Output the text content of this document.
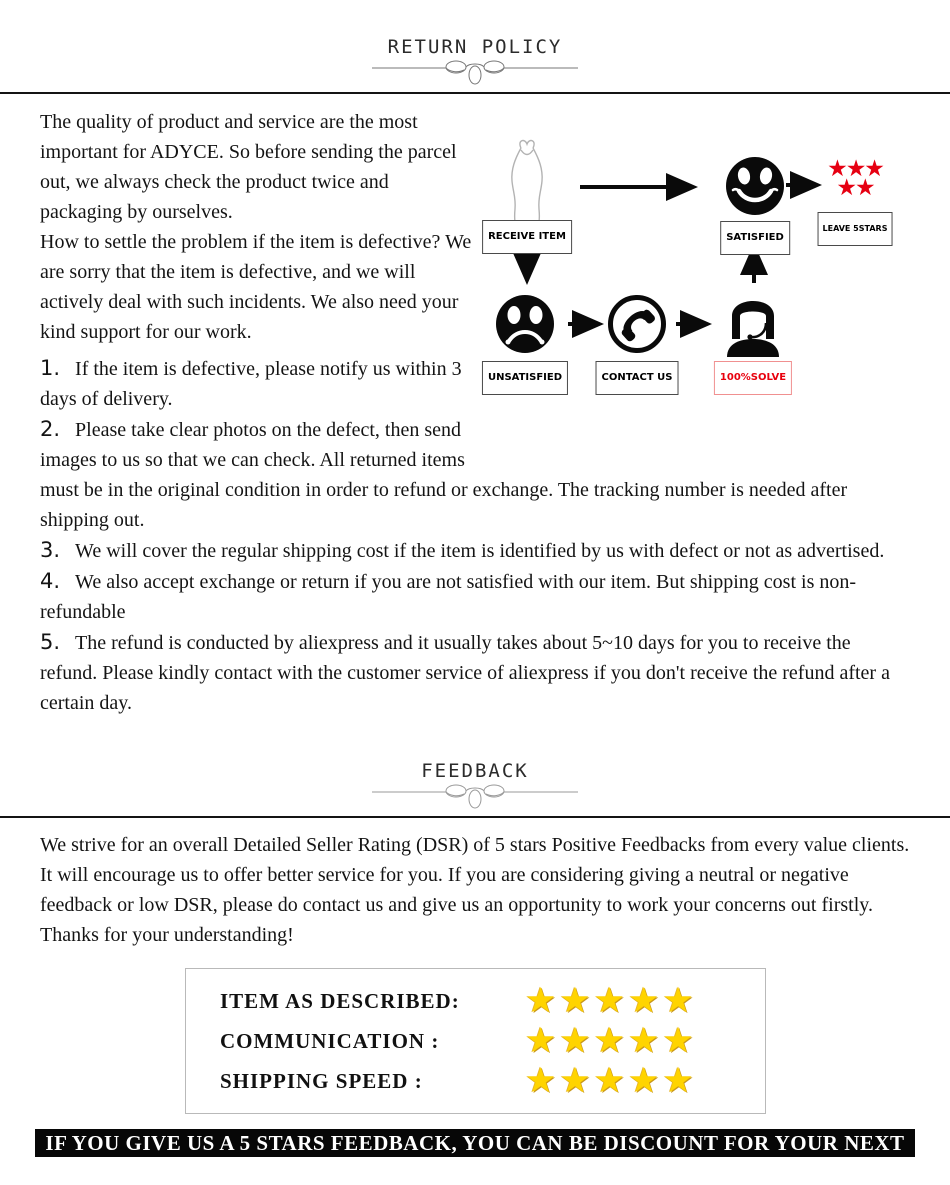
RETURN POLICY
RECEIVE ITEM	SATISFIED
★★★
★★
LEAVE 5STARS
UNSATISFIED	CONTACT US	100%SOLVE

The quality of product and service are the most important for ADYCE. So before sending the parcel out, we always check the product twice and packaging by ourselves.

How to settle the problem if the item is defective? We are sorry that the item is defective, and we will actively deal with such incidents. We also need your kind support for our work.

1. If the item is defective, please notify us within 3 days of delivery.

2. Please take clear photos on the defect, then send images to us so that we can check. All returned items must be in the original condition in order to refund or exchange. The tracking number is needed after shipping out.

3. We will cover the regular shipping cost if the item is identified by us with defect or not as advertised.

4. We also accept exchange or return if you are not satisfied with our item. But shipping cost is non-refundable

5. The refund is conducted by aliexpress and it usually takes about 5~10 days for you to receive the refund. Please kindly contact with the customer service of aliexpress if you don't receive the refund after a certain day.

FEEDBACK

We strive for an overall Detailed Seller Rating (DSR) of 5 stars Positive Feedbacks from every value clients. It will encourage us to offer better service for you. If you are considering giving a neutral or negative feedback or low DSR, please do contact us and give us an opportunity to work your concerns out firstly. Thanks for your understanding!

ITEM AS DESCRIBED:	★★★★★
COMMUNICATION :	★★★★★
SHIPPING SPEED :	★★★★★
IF YOU GIVE US A 5 STARS FEEDBACK, YOU CAN BE DISCOUNT FOR YOUR NEXT ORDER
